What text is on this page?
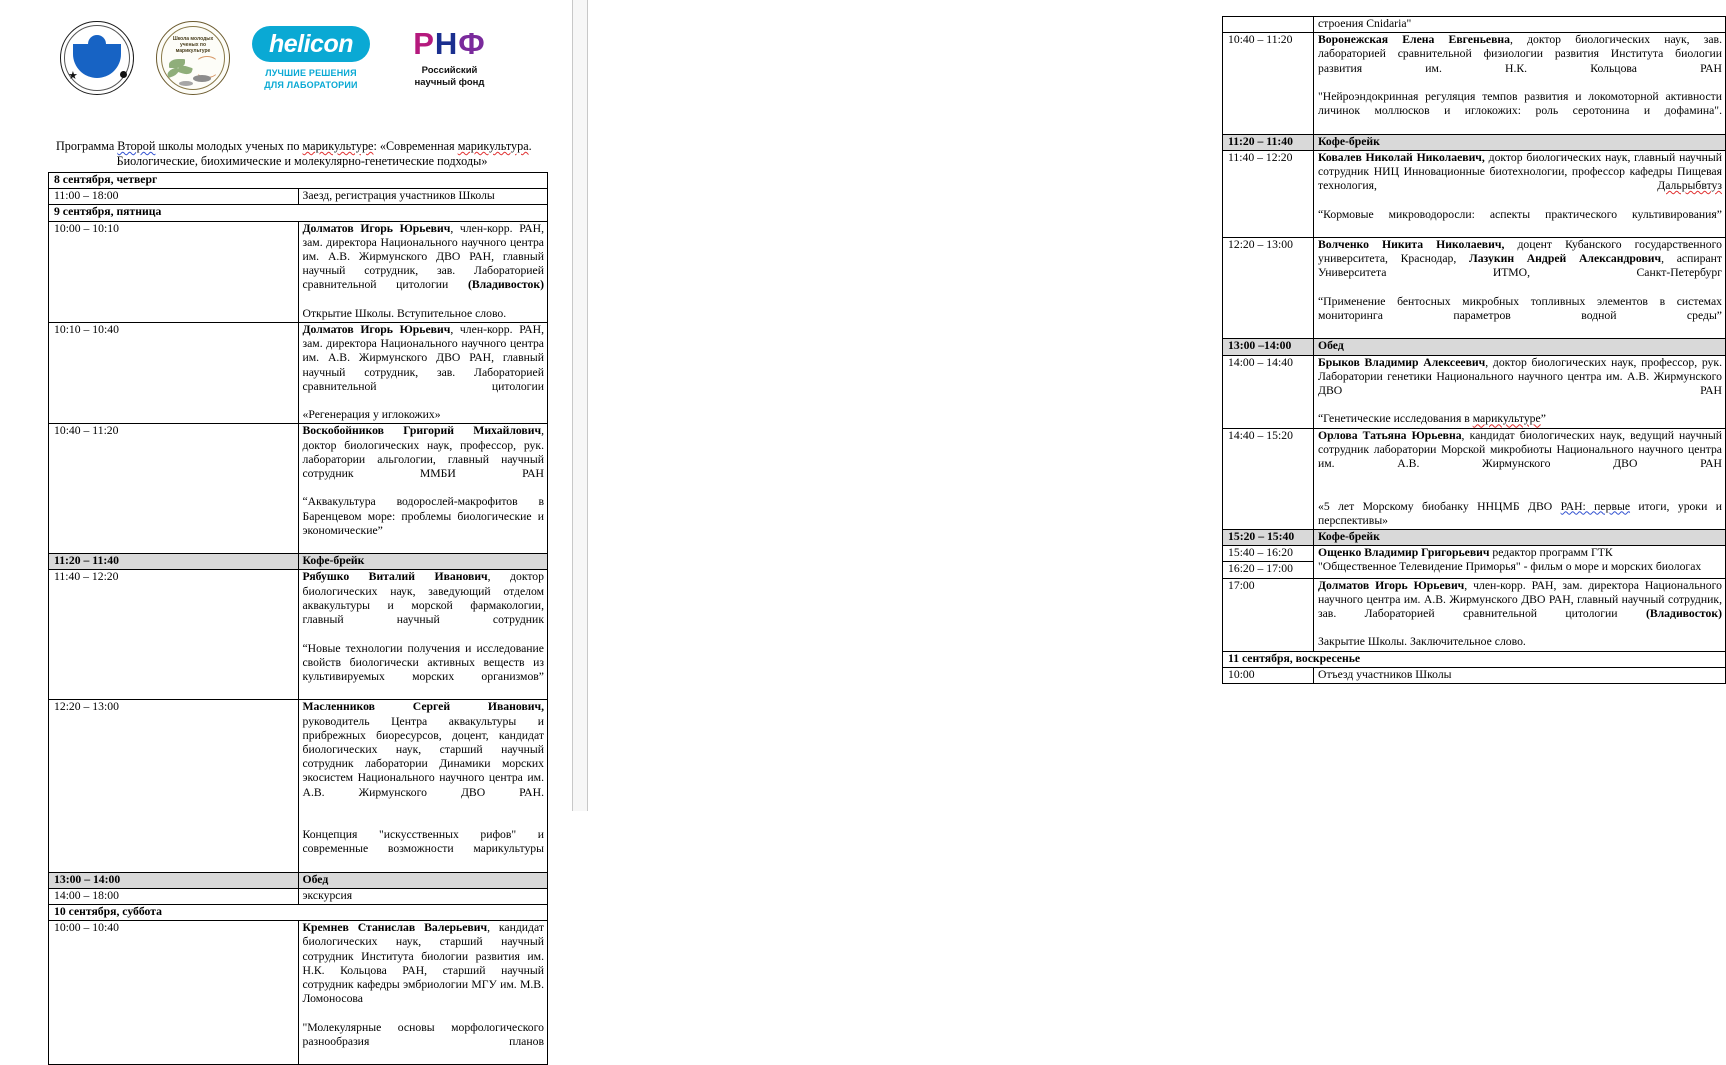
★
Школа молодых
ученых по
марикультуре	helicon
ЛУЧШИЕ РЕШЕНИЯ
ДЛЯ ЛАБОРАТОРИИ
РНФ
Российский
научный фонд
Программа Второй школы молодых ученых по марикультуре: «Современная марикультура.
Биологические, биохимические и молекулярно-генетические подходы»
8 сентября, четверг	
11:00 – 18:00	Заезд, регистрация участников Школы
9 сентября, пятница	
10:00 – 10:10	Долматов Игорь Юрьевич, член-корр. РАН, зам. директора Национального научного центра им. А.В. Жирмунского ДВО РАН, главный научный сотрудник, зав. Лабораторией сравнительной цитологии (Владивосток)
Открытие Школы. Вступительное слово.

10:10 – 10:40	Долматов Игорь Юрьевич, член-корр. РАН, зам. директора Национального научного центра им. А.В. Жирмунского ДВО РАН, главный научный сотрудник, зав. Лабораторией сравнительной цитологии
«Регенерация у иглокожих»

10:40 – 11:20	Воскобойников Григорий Михайлович, доктор биологических наук, профессор, рук. лаборатории альгологии, главный научный сотрудник ММБИ РАН
“Аквакультура водорослей-макрофитов в Баренцевом море: проблемы биологические и экономические”

11:20 – 11:40	Кофе-брейк
11:40 – 12:20	Рябушко Виталий Иванович, доктор биологических наук, заведующий отделом аквакультуры и морской фармакологии, главный научный сотрудник
“Новые технологии получения и исследование свойств биологически активных веществ из культивируемых морских организмов”

12:20 – 13:00	Масленников Сергей Иванович, руководитель Центра аквакультуры и прибрежных биоресурсов, доцент, кандидат биологических наук, старший научный сотрудник лаборатории Динамики морских экосистем Национального научного центра им. А.В. Жирмунского ДВО РАН.
Концепция "искусственных рифов" и современные возможности марикультуры

13:00 – 14:00	Обед
14:00 – 18:00	экскурсия
10 сентября, суббота	
10:00 – 10:40	Кремнев Станислав Валерьевич, кандидат биологических наук, старший научный сотрудник Института биологии развития им. Н.К. Кольцова РАН, старший научный сотрудник кафедры эмбриологии МГУ им. М.В. Ломоносова
"Молекулярные основы морфологического разнообразия планов
	строения Cnidaria"
10:40 – 11:20	Воронежская Елена Евгеньевна, доктор биологических наук, зав. лабораторией сравнительной физиологии развития Института биологии развития им. Н.К. Кольцова РАН
"Нейроэндокринная регуляция темпов развития и локомоторной активности личинок моллюсков и иглокожих: роль серотонина и дофамина".

11:20 – 11:40	Кофе-брейк
11:40 – 12:20	Ковалев Николай Николаевич, доктор биологических наук, главный научный сотрудник НИЦ Инновационные биотехнологии, профессор кафедры Пищевая технология, Дальрыбвтуз
“Кормовые микроводоросли: аспекты практического культивирования”

12:20 – 13:00	Волченко Никита Николаевич, доцент Кубанского государственного университета, Краснодар, Лазукин Андрей Александрович, аспирант Университета ИТМО, Санкт-Петербург
“Применение бентосных микробных топливных элементов в системах мониторинга параметров водной среды”

13:00 –14:00	Обед
14:00 – 14:40	Брыков Владимир Алексеевич, доктор биологических наук, профессор, рук. Лаборатории генетики Национального научного центра им. А.В. Жирмунского ДВО РАН
“Генетические исследования в марикультуре”

14:40 – 15:20	Орлова Татьяна Юрьевна, кандидат биологических наук, ведущий научный сотрудник лаборатории Морской микробиоты Национального научного центра им. А.В. Жирмунского ДВО РАН
«5 лет Морскому биобанку ННЦМБ ДВО РАН: первые итоги, уроки и перспективы»

15:20 – 15:40	Кофе-брейк
15:40 – 16:20	Ощенко Владимир Григорьевич редактор программ ГТК
"Общественное Телевидение Приморья" - фильм о море и морских биологах

16:20 – 17:00	
17:00	Долматов Игорь Юрьевич, член-корр. РАН, зам. директора Национального научного центра им. А.В. Жирмунского ДВО РАН, главный научный сотрудник, зав. Лабораторией сравнительной цитологии (Владивосток)
Закрытие Школы. Заключительное слово.

11 сентября, воскресенье	
10:00	Отъезд участников Школы
